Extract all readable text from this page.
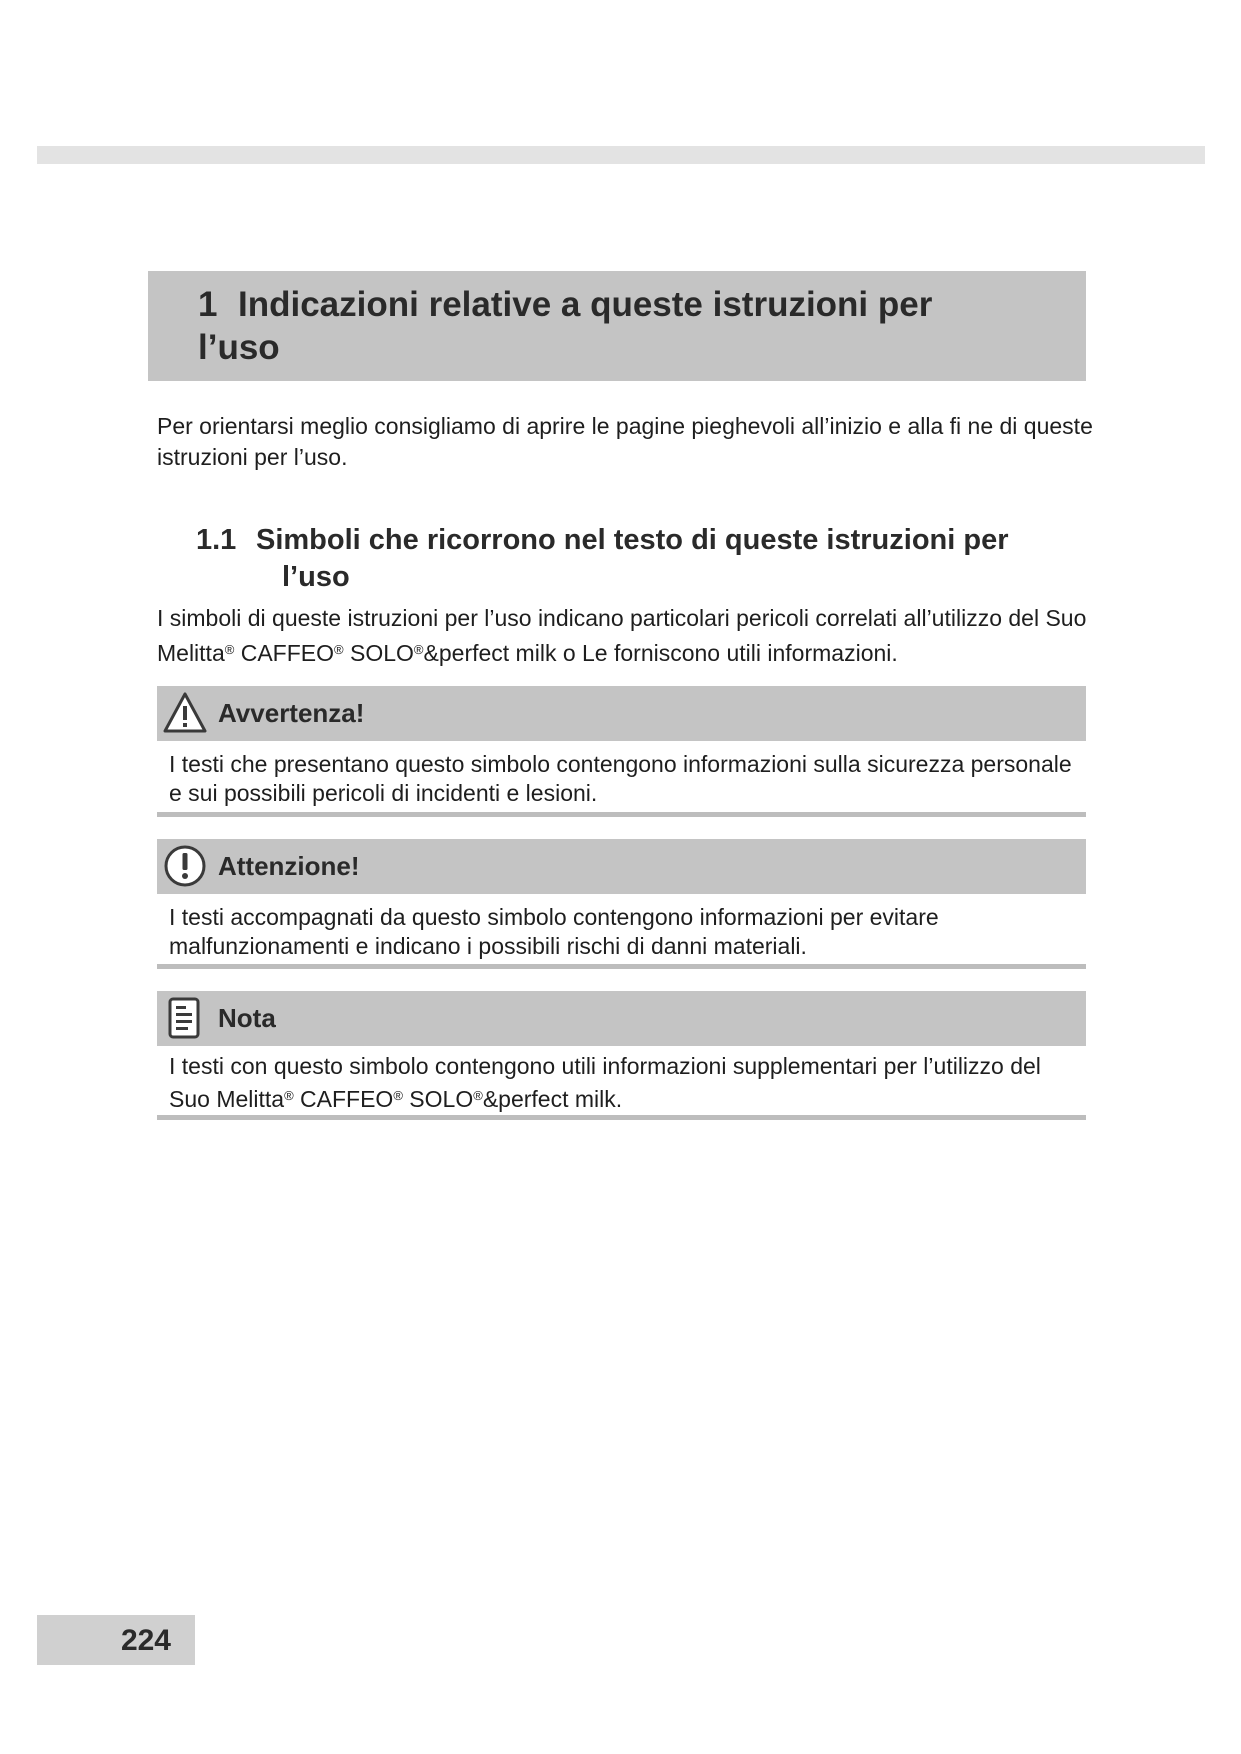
1 Indicazioni relative a queste istruzioni per l’uso

Per orientarsi meglio consigliamo di aprire le pagine pieghevoli all’inizio e alla fi ne di queste istruzioni per l’uso.

1.1 Simboli che ricorrono nel testo di queste istruzioni per
l’uso

I simboli di queste istruzioni per l’uso indicano particolari pericoli correlati all’utilizzo del Suo Melitta® CAFFEO® SOLO®&perfect milk o Le forniscono utili informazioni.

Avvertenza!

I testi che presentano questo simbolo contengono informazioni sulla sicurezza personale e sui possibili pericoli di incidenti e lesioni.

Attenzione!

I testi accompagnati da questo simbolo contengono informazioni per evitare malfunzionamenti e indicano i possibili rischi di danni materiali.

Nota

I testi con questo simbolo contengono utili informazioni supplementari per l’utilizzo del Suo Melitta® CAFFEO® SOLO®&perfect milk.

224
